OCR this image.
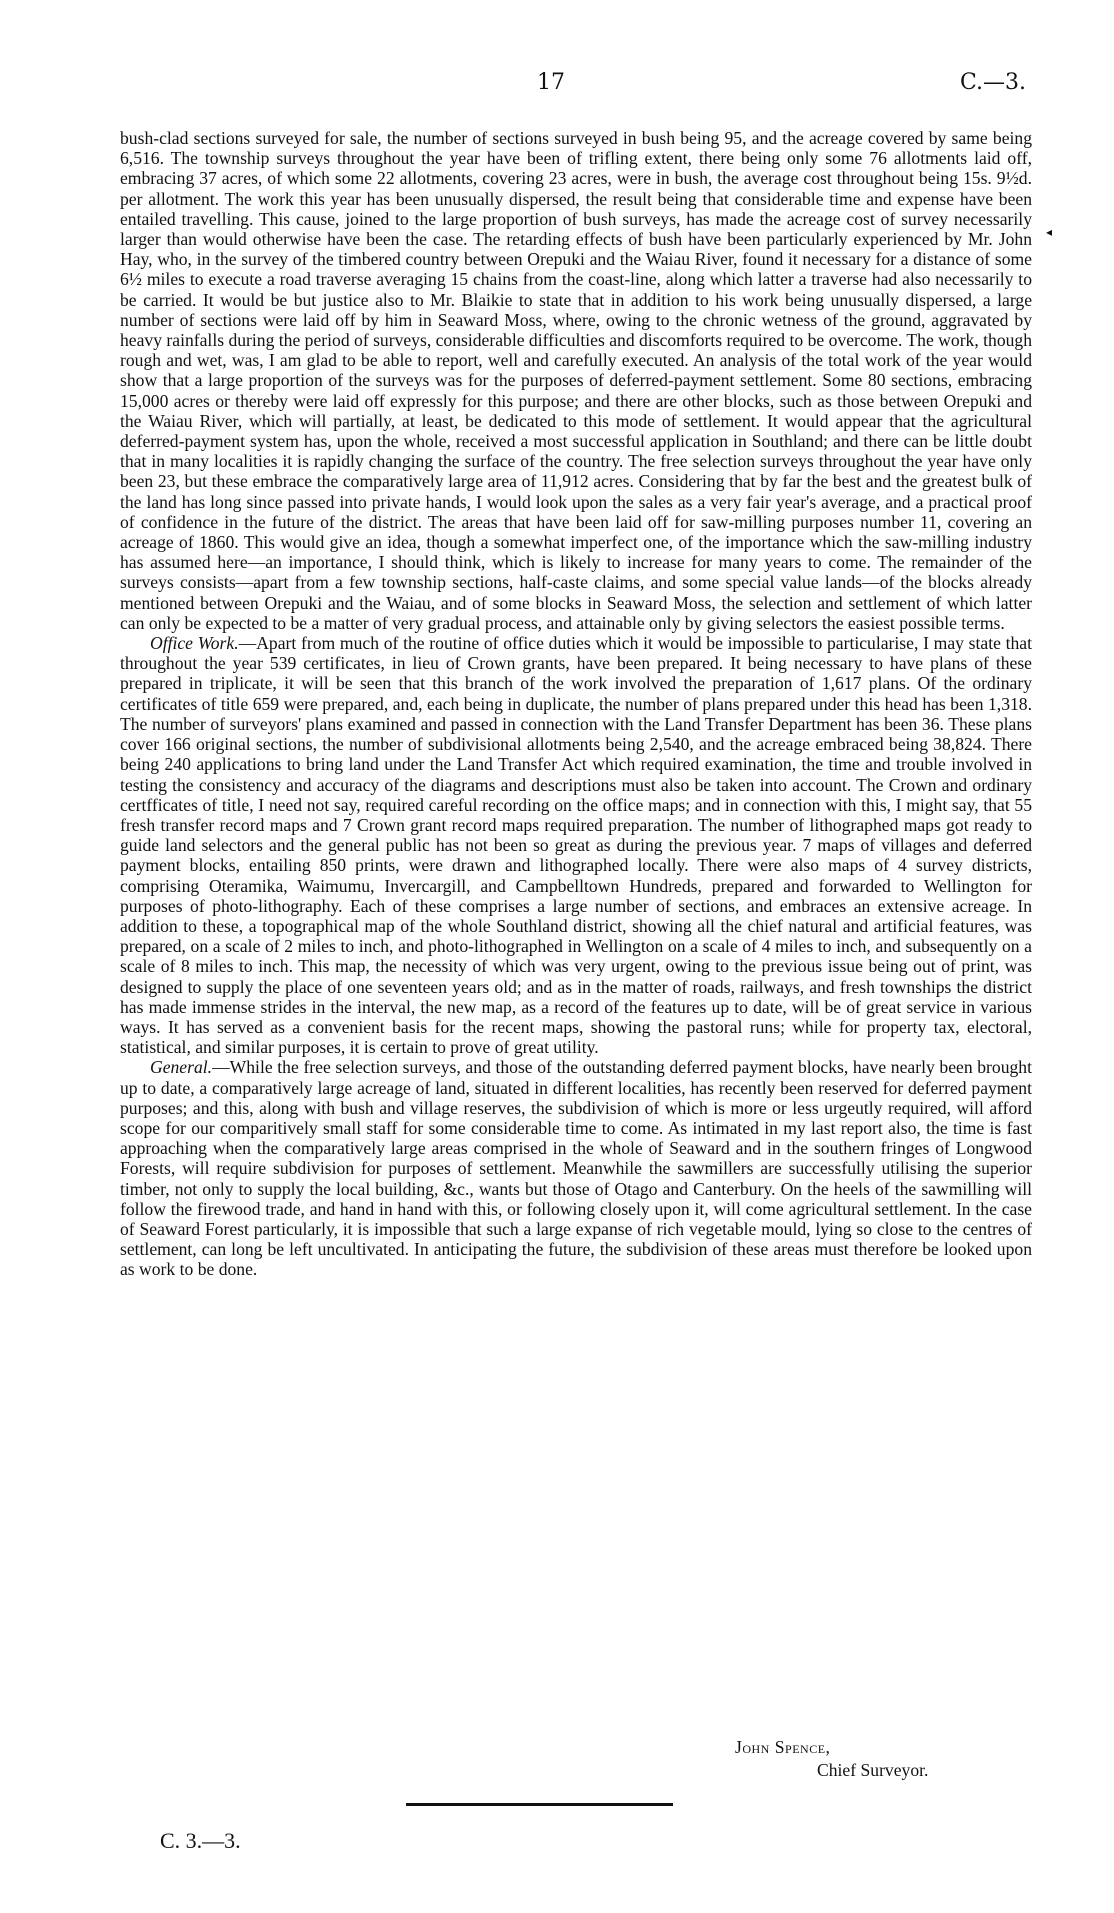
17	C.—3.
◂

bush-clad sections surveyed for sale, the number of sections surveyed in bush being 95, and the acreage covered by same being 6,516. The township surveys throughout the year have been of trifling extent, there being only some 76 allotments laid off, embracing 37 acres, of which some 22 allotments, covering 23 acres, were in bush, the average cost throughout being 15s. 9½d. per allotment. The work this year has been unusually dispersed, the result being that considerable time and expense have been entailed travelling. This cause, joined to the large proportion of bush surveys, has made the acreage cost of survey necessarily larger than would otherwise have been the case. The retarding effects of bush have been particularly experienced by Mr. John Hay, who, in the survey of the timbered country between Orepuki and the Waiau River, found it necessary for a distance of some 6½ miles to execute a road traverse averaging 15 chains from the coast-line, along which latter a traverse had also necessarily to be carried. It would be but justice also to Mr. Blaikie to state that in addition to his work being unusually dispersed, a large number of sections were laid off by him in Seaward Moss, where, owing to the chronic wetness of the ground, aggravated by heavy rainfalls during the period of surveys, considerable difficulties and discomforts required to be overcome. The work, though rough and wet, was, I am glad to be able to report, well and carefully executed. An analysis of the total work of the year would show that a large proportion of the surveys was for the purposes of deferred-payment settlement. Some 80 sections, embracing 15,000 acres or thereby were laid off expressly for this purpose; and there are other blocks, such as those between Orepuki and the Waiau River, which will partially, at least, be dedicated to this mode of settlement. It would appear that the agricultural deferred-payment system has, upon the whole, received a most successful application in Southland; and there can be little doubt that in many localities it is rapidly changing the surface of the country. The free selection surveys throughout the year have only been 23, but these embrace the comparatively large area of 11,912 acres. Considering that by far the best and the greatest bulk of the land has long since passed into private hands, I would look upon the sales as a very fair year's average, and a practical proof of confidence in the future of the district. The areas that have been laid off for saw-milling purposes number 11, covering an acreage of 1860. This would give an idea, though a somewhat imperfect one, of the importance which the saw-milling industry has assumed here—an importance, I should think, which is likely to increase for many years to come. The remainder of the surveys consists—apart from a few township sections, half-caste claims, and some special value lands—of the blocks already mentioned between Orepuki and the Waiau, and of some blocks in Seaward Moss, the selection and settlement of which latter can only be expected to be a matter of very gradual process, and attainable only by giving selectors the easiest possible terms.

Office Work.—Apart from much of the routine of office duties which it would be impossible to particularise, I may state that throughout the year 539 certificates, in lieu of Crown grants, have been prepared. It being necessary to have plans of these prepared in triplicate, it will be seen that this branch of the work involved the preparation of 1,617 plans. Of the ordinary certificates of title 659 were prepared, and, each being in duplicate, the number of plans prepared under this head has been 1,318. The number of surveyors' plans examined and passed in connection with the Land Transfer Department has been 36. These plans cover 166 original sections, the number of subdivisional allotments being 2,540, and the acreage embraced being 38,824. There being 240 applications to bring land under the Land Transfer Act which required examination, the time and trouble involved in testing the consistency and accuracy of the diagrams and descriptions must also be taken into account. The Crown and ordinary certfficates of title, I need not say, required careful recording on the office maps; and in connection with this, I might say, that 55 fresh transfer record maps and 7 Crown grant record maps required preparation. The number of lithographed maps got ready to guide land selectors and the general public has not been so great as during the previous year. 7 maps of villages and deferred payment blocks, entailing 850 prints, were drawn and lithographed locally. There were also maps of 4 survey districts, comprising Oteramika, Waimumu, Invercargill, and Campbelltown Hundreds, prepared and forwarded to Wellington for purposes of photo-lithography. Each of these comprises a large number of sections, and embraces an extensive acreage. In addition to these, a topographical map of the whole Southland district, showing all the chief natural and artificial features, was prepared, on a scale of 2 miles to inch, and photo-lithographed in Wellington on a scale of 4 miles to inch, and subsequently on a scale of 8 miles to inch. This map, the necessity of which was very urgent, owing to the previous issue being out of print, was designed to supply the place of one seventeen years old; and as in the matter of roads, railways, and fresh townships the district has made immense strides in the interval, the new map, as a record of the features up to date, will be of great service in various ways. It has served as a convenient basis for the recent maps, showing the pastoral runs; while for property tax, electoral, statistical, and similar purposes, it is certain to prove of great utility.

General.—While the free selection surveys, and those of the outstanding deferred payment blocks, have nearly been brought up to date, a comparatively large acreage of land, situated in different localities, has recently been reserved for deferred payment purposes; and this, along with bush and village reserves, the subdivision of which is more or less urgeutly required, will afford scope for our comparitively small staff for some considerable time to come. As intimated in my last report also, the time is fast approaching when the comparatively large areas comprised in the whole of Seaward and in the southern fringes of Longwood Forests, will require subdivision for purposes of settlement. Meanwhile the sawmillers are successfully utilising the superior timber, not only to supply the local building, &c., wants but those of Otago and Canterbury. On the heels of the sawmilling will follow the firewood trade, and hand in hand with this, or following closely upon it, will come agricultural settlement. In the case of Seaward Forest particularly, it is impossible that such a large expanse of rich vegetable mould, lying so close to the centres of settlement, can long be left uncultivated. In anticipating the future, the subdivision of these areas must therefore be looked upon as work to be done.

John Spence,
Chief Surveyor.
C. 3.—3.
